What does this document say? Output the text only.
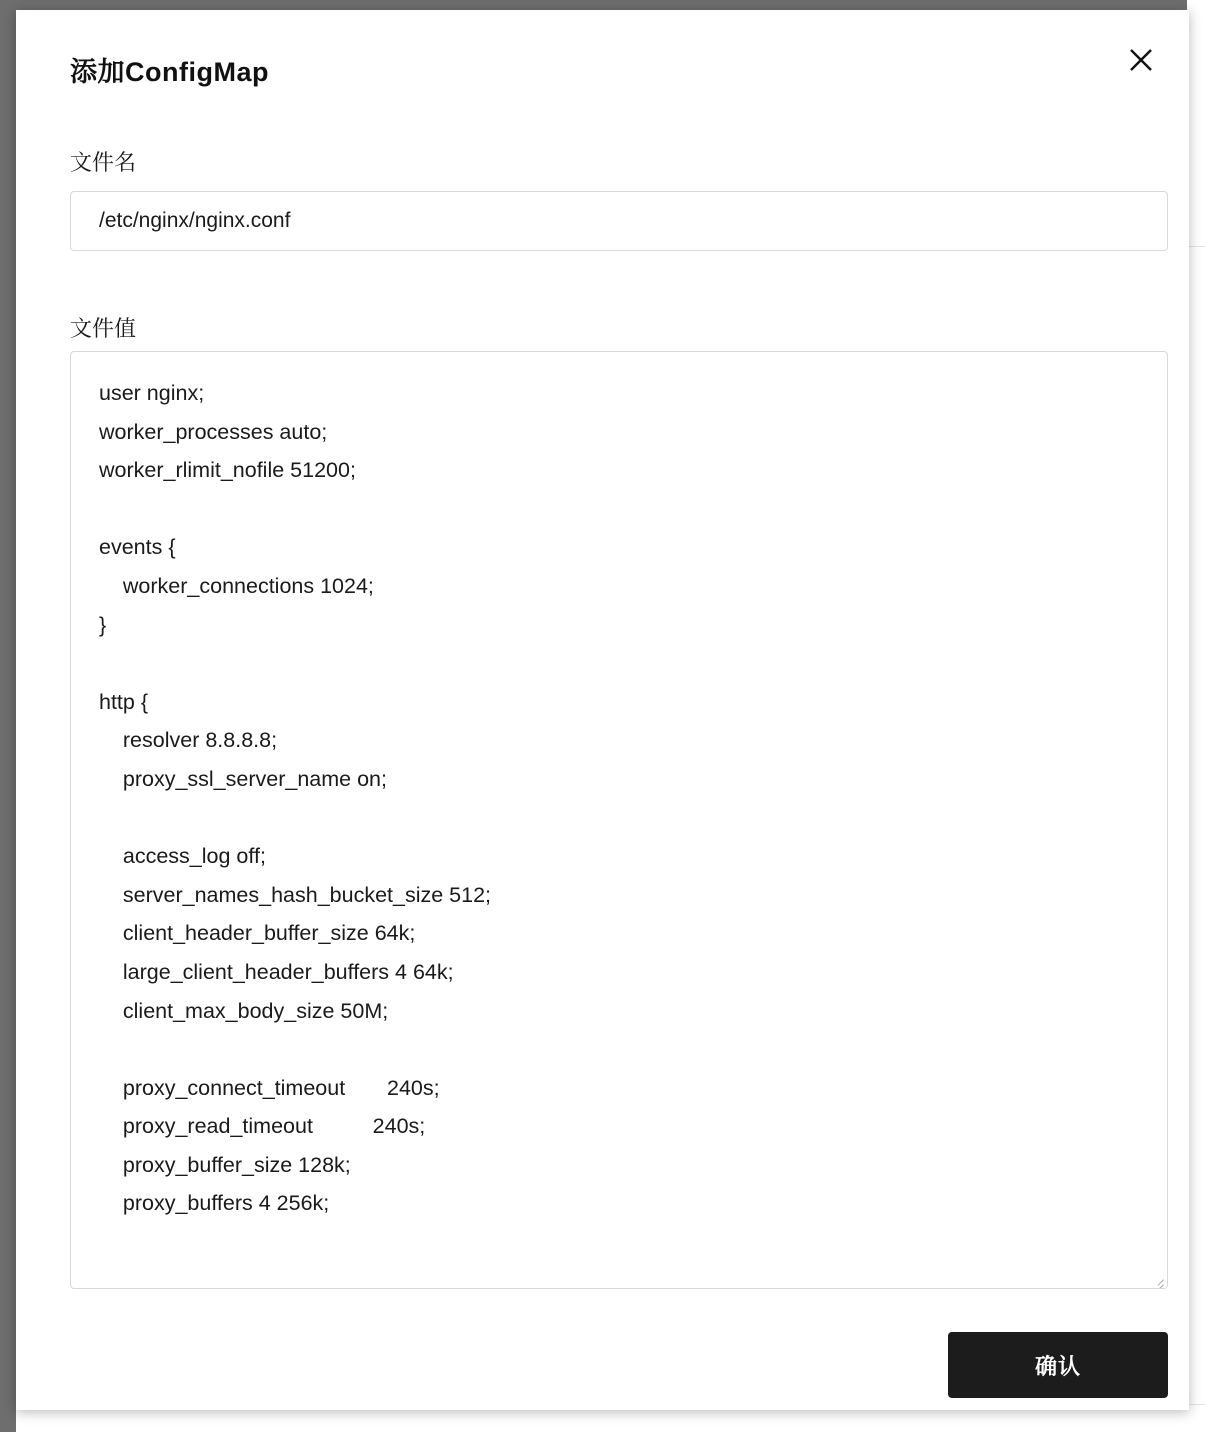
添加ConfigMap
文件名
/etc/nginx/nginx.conf
文件值
user nginx; worker_processes auto; worker_rlimit_nofile 51200; events { worker_connections 1024; } http { resolver 8.8.8.8; proxy_ssl_server_name on; access_log off; server_names_hash_bucket_size 512; client_header_buffer_size 64k; large_client_header_buffers 4 64k; client_max_body_size 50M; proxy_connect_timeout 240s; proxy_read_timeout 240s; proxy_buffer_size 128k; proxy_buffers 4 256k;
确认
